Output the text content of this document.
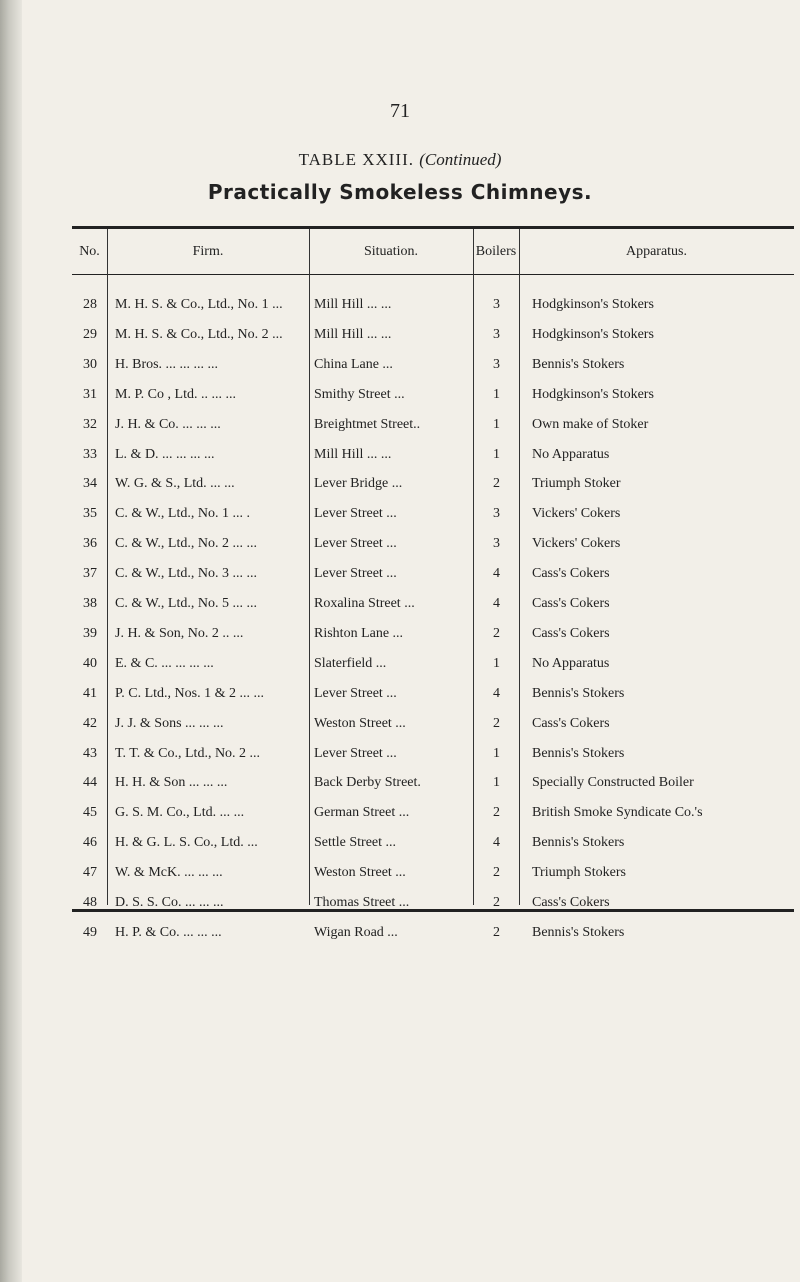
71
TABLE XXIII. (Continued)
Practically Smokeless Chimneys.
No.	Firm.	Situation.	Boilers	Apparatus.
28	M. H. S. & Co., Ltd., No. 1 ...	Mill Hill ... ...	3	Hodgkinson's Stokers
29	M. H. S. & Co., Ltd., No. 2 ...	Mill Hill ... ...	3	Hodgkinson's Stokers
30	H. Bros. ... ... ... ...	China Lane ...	3	Bennis's Stokers
31	M. P. Co , Ltd. .. ... ...	Smithy Street ...	1	Hodgkinson's Stokers
32	J. H. & Co. ... ... ...	Breightmet Street..	1	Own make of Stoker
33	L. & D. ... ... ... ...	Mill Hill ... ...	1	No Apparatus
34	W. G. & S., Ltd. ... ...	Lever Bridge ...	2	Triumph Stoker
35	C. & W., Ltd., No. 1 ... .	Lever Street ...	3	Vickers' Cokers
36	C. & W., Ltd., No. 2 ... ...	Lever Street ...	3	Vickers' Cokers
37	C. & W., Ltd., No. 3 ... ...	Lever Street ...	4	Cass's Cokers
38	C. & W., Ltd., No. 5 ... ...	Roxalina Street ...	4	Cass's Cokers
39	J. H. & Son, No. 2 .. ...	Rishton Lane ...	2	Cass's Cokers
40	E. & C. ... ... ... ...	Slaterfield ...	1	No Apparatus
41	P. C. Ltd., Nos. 1 & 2 ... ...	Lever Street ...	4	Bennis's Stokers
42	J. J. & Sons ... ... ...	Weston Street ...	2	Cass's Cokers
43	T. T. & Co., Ltd., No. 2 ...	Lever Street ...	1	Bennis's Stokers
44	H. H. & Son ... ... ...	Back Derby Street.	1	Specially Constructed Boiler
45	G. S. M. Co., Ltd. ... ...	German Street ...	2	British Smoke Syndicate Co.'s
46	H. & G. L. S. Co., Ltd. ...	Settle Street ...	4	Bennis's Stokers
47	W. & McK. ... ... ...	Weston Street ...	2	Triumph Stokers
48	D. S. S. Co. ... ... ...	Thomas Street ...	2	Cass's Cokers
49	H. P. & Co. ... ... ...	Wigan Road ...	2	Bennis's Stokers
